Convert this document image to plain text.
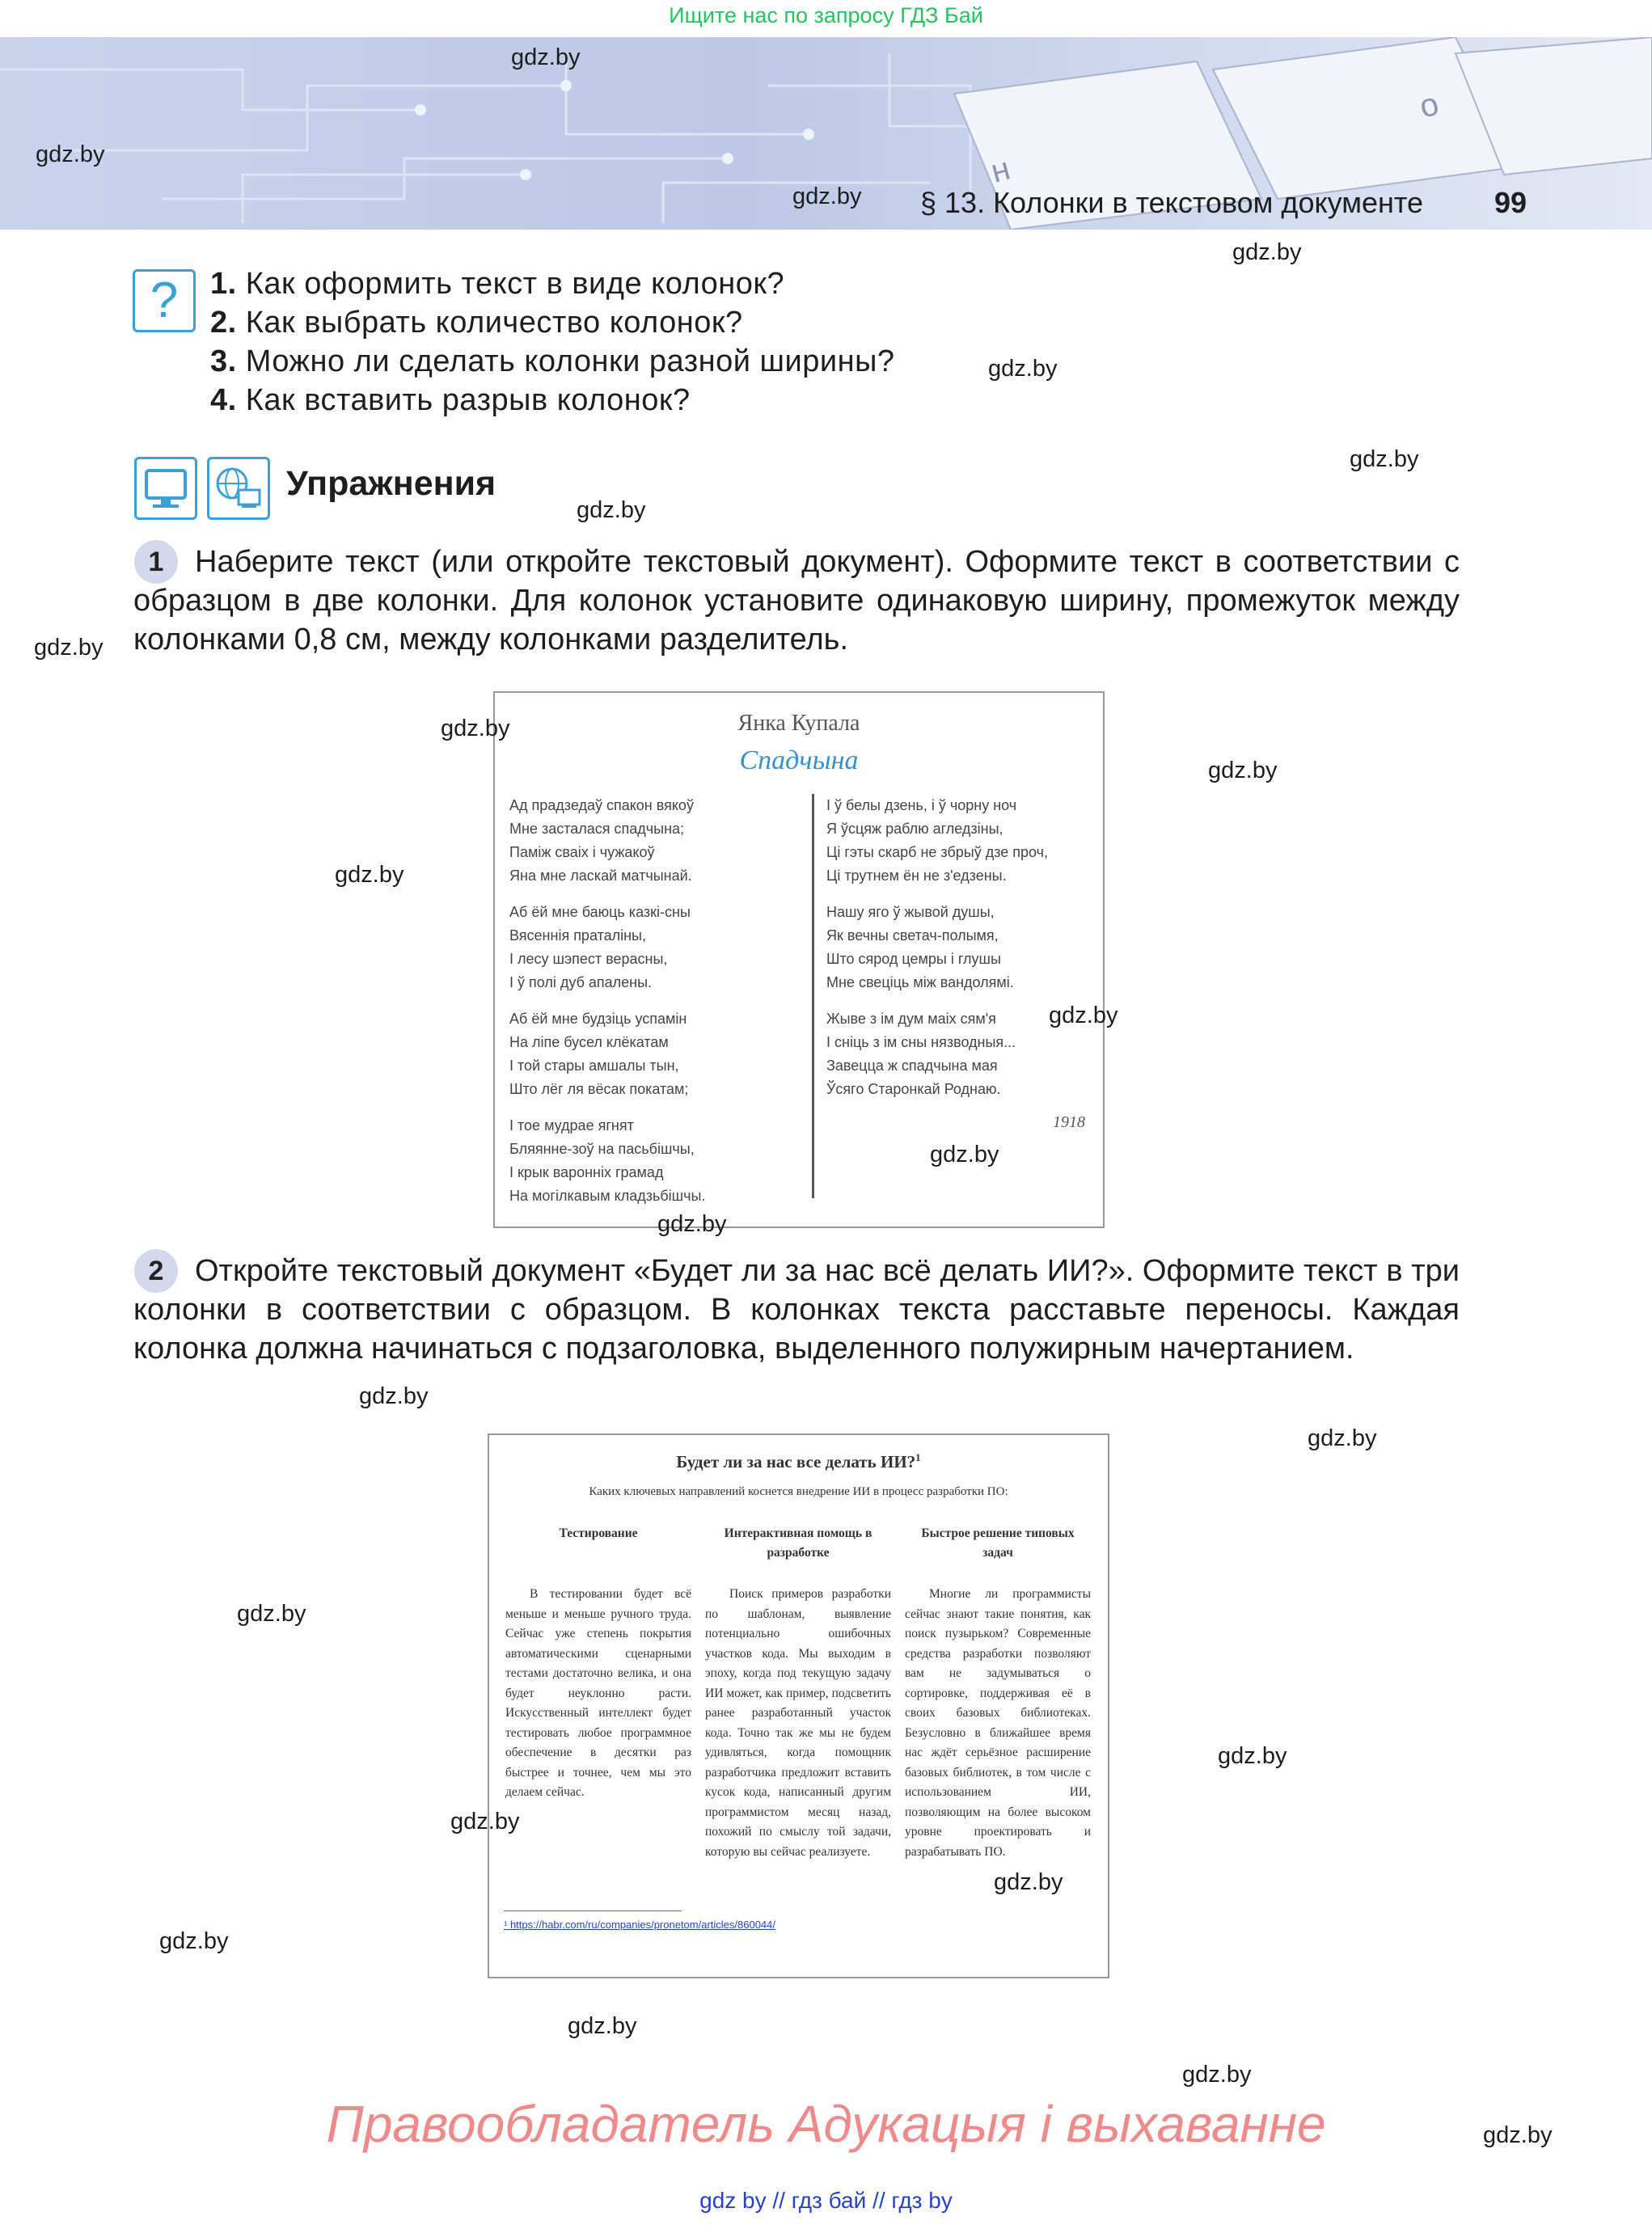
Ищите нас по запросу ГДЗ Бай
н
о
§ 13. Колонки в текстовом документе 99
?	1. Как оформить текст в виде колонок?
2. Как выбрать количество колонок?
3. Можно ли сделать колонки разной ширины?
4. Как вставить разрыв колонок?
Упражнения
1	Наберите текст (или откройте текстовый документ). Оформите текст в соответствии с образцом в две колонки. Для колонок установите одинаковую ширину, промежуток между колонками 0,8 см, между колонками разделитель.
Янка Купала
Спадчына
Ад прадзедаў спакон вякоў
Мне засталася спадчына;
Паміж сваіх і чужакоў
Яна мне ласкай матчынай.
Аб ёй мне баюць казкі-сны
Вясеннія праталіны,
І лесу шэпест верасны,
І ў полі дуб апалены.
Аб ёй мне будзіць успамін
На ліпе бусел клёкатам
І той стары амшалы тын,
Што лёг ля вёсак покатам;
І тое мудрае ягнят
Бляянне-зоў на пасьбішчы,
І крык варонніх грамад
На могілкавым кладзьбішчы.
І ў белы дзень, і ў чорну ноч
Я ўсцяж раблю агледзіны,
Ці гэты скарб не збрыў дзе проч,
Ці трутнем ён не з'едзены.
Нашу яго ў жывой душы,
Як вечны светач-полымя,
Што сярод цемры і глушы
Мне свеціць між вандолямі.
Жыве з ім дум маіх сям'я
І сніць з ім сны нязводныя...
Завецца ж спадчына мая
Ўсяго Старонкай Роднаю.
1918
2	Откройте текстовый документ «Будет ли за нас всё делать ИИ?». Оформите текст в три колонки в соответствии с образцом. В колонках текста расставьте переносы. Каждая колонка должна начинаться с подзаголовка, выделенного полужирным начертанием.
Будет ли за нас все делать ИИ?$^1$
Каких ключевых направлений коснется внедрение ИИ в процесс разработки ПО:
Тестирование	Интерактивная помощь в разработке
Быстрое решение типовых задач
В тестировании будет всё меньше и меньше ручного труда. Сейчас уже степень покрытия автоматическими сценарными тестами достаточно велика, и она будет неуклонно расти. Искусственный интеллект будет тестировать любое программное обеспечение в десятки раз быстрее и точнее, чем мы это делаем сейчас.
Поиск примеров разработки по шаблонам, выявление потенциально ошибочных участков кода. Мы выходим в эпоху, когда под текущую задачу ИИ может, как пример, подсветить ранее разработанный участок кода. Точно так же мы не будем удивляться, когда помощник разработчика предложит вставить кусок кода, написанный другим программистом месяц назад, похожий по смыслу той задачи, которую вы сейчас реализуете.
Многие ли программисты сейчас знают такие понятия, как поиск пузырьком? Современные средства разработки позволяют вам не задумываться о сортировке, поддерживая её в своих базовых библиотеках. Безусловно в ближайшее время нас ждёт серьёзное расширение базовых библиотек, в том числе с использованием ИИ, позволяющим на более высоком уровне проектировать и разрабатывать ПО.
¹ https://habr.com/ru/companies/pronetom/articles/860044/
gdz.by
gdz.by
gdz.by
gdz.by
gdz.by
gdz.by
gdz.by
gdz.by
gdz.by
gdz.by
gdz.by
gdz.by
gdz.by
gdz.by
gdz.by
gdz.by
gdz.by
gdz.by
gdz.by
gdz.by
gdz.by
gdz.by
gdz.by
gdz.by
Правообладатель Адукацыя і выхаванне
gdz by // гдз бай // гдз by
